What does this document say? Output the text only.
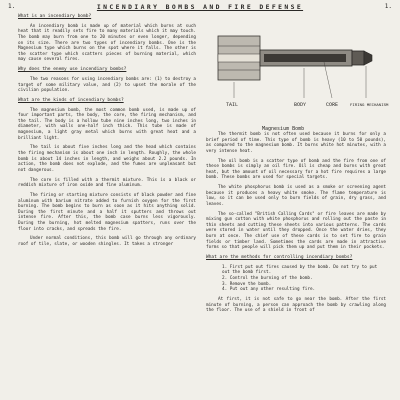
1.	INCENDIARY BOMBS AND FIRE DEFENSE	1.
What is an incendiary bomb?

An incendiary bomb is made up of material which burns at such heat that it readily sets fire to many materials which it may touch. The bomb may burn from one to 20 minutes or even longer, depending on its size. There are two types of incendiary bombs. One is the Magnesium type which burns on the spot where it falls. The other is the scatter type which scatters pieces of burning material, which may cause several fires.

Why does the enemy use incendiary bombs?

The two reasons for using incendiary bombs are: (1) to destroy a target of some military value, and (2) to upset the morale of the civilian population.

What are the kinds of incendiary bombs?

The magnesium bomb, the most common bomb used, is made up of four important parts, the body, the core, the firing mechanism, and the tail. The body is a hollow tube nine inches long, two inches in diameter, with walls one-half inch thick. This tube is made of magnesium, a light gray metal which burns with great heat and a brilliant light.

The tail is about five inches long and the head which contains the firing mechanism is about one inch in length. Roughly, the whole bomb is about 14 inches in length, and weighs about 2.2 pounds. In action, the bomb does not explode, and the fumes are unpleasant but not dangerous.

The core is filled with a thermit mixture. This is a black or reddish mixture of iron oxide and fine aluminum.

The firing or starting mixture consists of black powder and fine aluminum with barium nitrate added to furnish oxygen for the first burning. The bomb begins to burn as soon as it hits anything solid. During the first minute and a half it sputters and throws out intense fire. After this, the bomb case burns less vigorously. During the burning, hot melted magnesium spatters, runs over the floor into cracks, and spreads the fire.

Under normal conditions, this bomb will go through any ordinary roof of tile, slate, or wooden shingles. It takes a stronger

TAIL	BODY	CORE	FIRING MECHANISM
Magnesium Bomb

The thermit bomb is not often used because it burns for only a brief period of time. This type of bomb is heavy (10 to 50 pounds), as compared to the magnesium bomb. It burns white hot minutes, with a very intense heat.

The oil bomb is a scatter type of bomb and the fire from one of these bombs is simply an oil fire. Oil is cheap and burns with great heat, but the amount of oil necessary for a hot fire requires a large bomb. These bombs are used for special targets.

The white phosphorus bomb is used as a smoke or screening agent because it produces a heavy white smoke. The flame temperature is low, so it can be used only to burn fields of grain, dry grass, and leaves.

The so-called "British Calling Cards" or fire leaves are made by mixing gun cotton with white phosphorus and rolling out the paste in thin sheets and cutting these sheets into various patterns. The cards were stored in water until they dropped. Once the water dries, they burn at once. The chief use of these cards is to set fire to grain fields or timber land. Sometimes the cards are made in attractive forms so that people will pick them up and put them in their pockets.

What are the methods for controlling incendiary bombs?
1. First put out fires caused by the bomb. Do not try to put out the bomb first.
2. Control the burning of the bomb.
3. Remove the bomb.
4. Put out any other resulting fire.

At first, it is not safe to go near the bomb. After the first minute of burning, a person can approach the bomb by crawling along the floor. The use of a shield in front of
